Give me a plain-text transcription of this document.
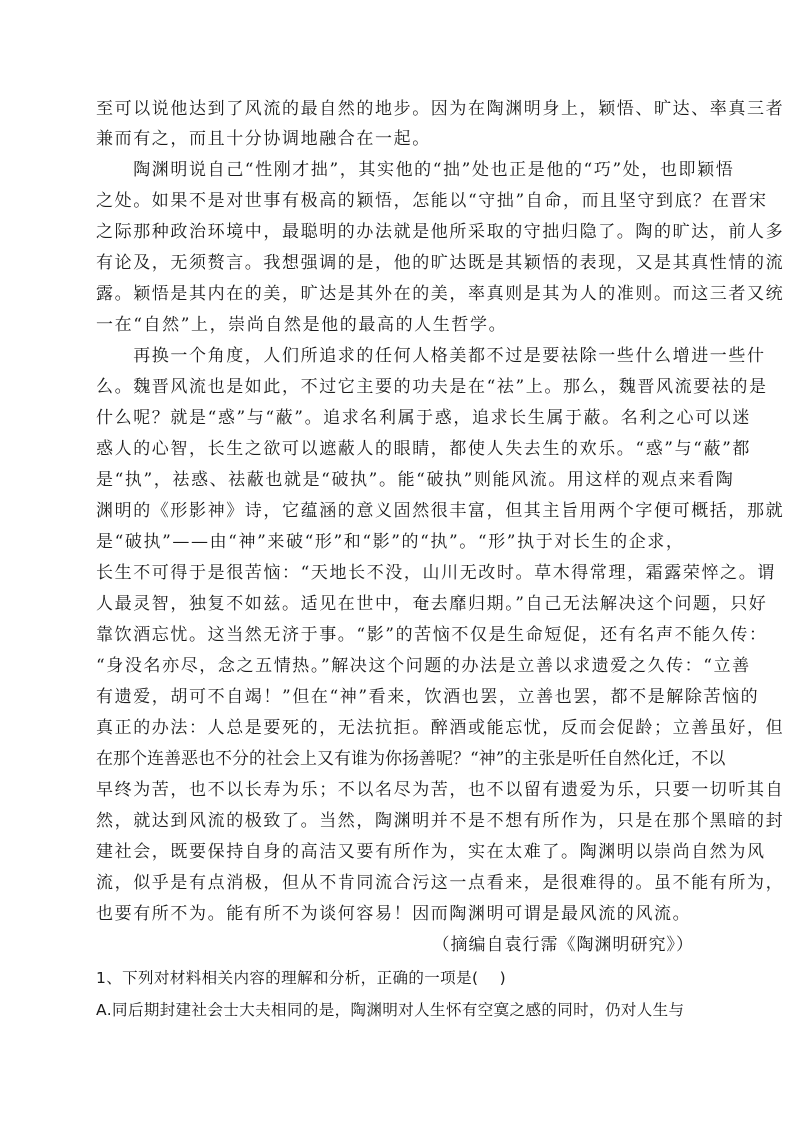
至可以说他达到了风流的最自然的地步。因为在陶渊明身上，颖悟、旷达、率真三者
兼而有之，而且十分协调地融合在一起。
　　陶渊明说自己“性刚才拙”，其实他的“拙”处也正是他的“巧”处，也即颖悟
之处。如果不是对世事有极高的颖悟，怎能以“守拙”自命，而且坚守到底？在晋宋
之际那种政治环境中，最聪明的办法就是他所采取的守拙归隐了。陶的旷达，前人多
有论及，无须赘言。我想强调的是，他的旷达既是其颖悟的表现，又是其真性情的流
露。颖悟是其内在的美，旷达是其外在的美，率真则是其为人的准则。而这三者又统
一在“自然”上，崇尚自然是他的最高的人生哲学。
　　再换一个角度，人们所追求的任何人格美都不过是要祛除一些什么增进一些什
么。魏晋风流也是如此，不过它主要的功夫是在“祛”上。那么，魏晋风流要祛的是
什么呢？就是“惑”与“蔽”。追求名利属于惑，追求长生属于蔽。名利之心可以迷
惑人的心智，长生之欲可以遮蔽人的眼睛，都使人失去生的欢乐。“惑”与“蔽”都
是“执”，祛惑、祛蔽也就是“破执”。能“破执”则能风流。用这样的观点来看陶
渊明的《形影神》诗，它蕴涵的意义固然很丰富，但其主旨用两个字便可概括，那就
是“破执”——由“神”来破“形”和“影”的“执”。“形”执于对长生的企求，
长生不可得于是很苦恼：“天地长不没，山川无改时。草木得常理，霜露荣悴之。谓
人最灵智，独复不如兹。适见在世中，奄去靡归期。”自己无法解决这个问题，只好
靠饮酒忘忧。这当然无济于事。“影”的苦恼不仅是生命短促，还有名声不能久传：
“身没名亦尽，念之五情热。”解决这个问题的办法是立善以求遗爱之久传：“立善
有遗爱，胡可不自竭！”但在“神”看来，饮酒也罢，立善也罢，都不是解除苦恼的
真正的办法：人总是要死的，无法抗拒。醉酒或能忘忧，反而会促龄；立善虽好，但
在那个连善恶也不分的社会上又有谁为你扬善呢？“神”的主张是听任自然化迁，不以
早终为苦，也不以长寿为乐；不以名尽为苦，也不以留有遗爱为乐，只要一切听其自
然，就达到风流的极致了。当然，陶渊明并不是不想有所作为，只是在那个黑暗的封
建社会，既要保持自身的高洁又要有所作为，实在太难了。陶渊明以崇尚自然为风
流，似乎是有点消极，但从不肯同流合污这一点看来，是很难得的。虽不能有所为，
也要有所不为。能有所不为谈何容易！因而陶渊明可谓是最风流的风流。
（摘编自袁行霈《陶渊明研究》）
1、下列对材料相关内容的理解和分析，正确的一项是(　 )
A.同后期封建社会士大夫相同的是，陶渊明对人生怀有空寞之感的同时，仍对人生与
